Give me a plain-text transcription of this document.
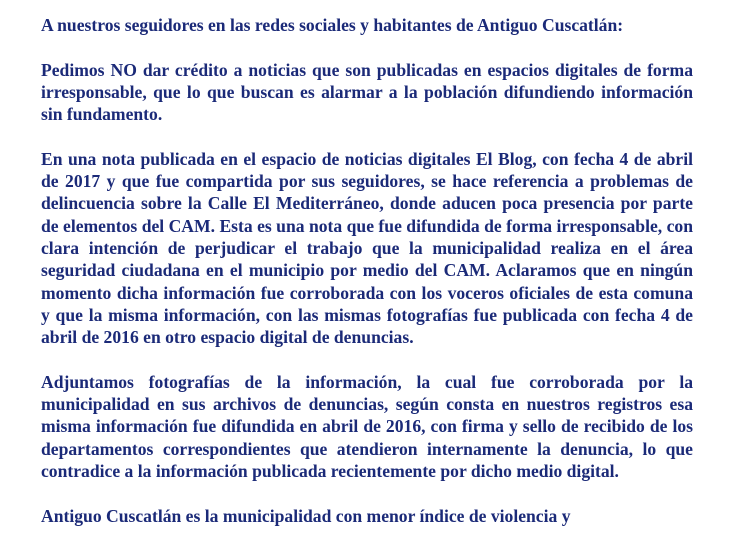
A nuestros seguidores en las redes sociales y habitantes de Antiguo Cuscatlán:

Pedimos NO dar crédito a noticias que son publicadas en espacios digitales de forma irresponsable, que lo que buscan es alarmar a la población difundiendo información sin fundamento.

En una nota publicada en el espacio de noticias digitales El Blog, con fecha 4 de abril de 2017 y que fue compartida por sus seguidores, se hace referencia a problemas de delincuencia sobre la Calle El Mediterráneo, donde aducen poca presencia por parte de elementos del CAM. Esta es una nota que fue difundida de forma irresponsable, con clara intención de perjudicar el trabajo que la municipalidad realiza en el área seguridad ciudadana en el municipio por medio del CAM. Aclaramos que en ningún momento dicha información fue corroborada con los voceros oficiales de esta comuna y que la misma información, con las mismas fotografías fue publicada con fecha 4 de abril de 2016 en otro espacio digital de denuncias.

Adjuntamos fotografías de la información, la cual fue corroborada por la municipalidad en sus archivos de denuncias, según consta en nuestros registros esa misma información fue difundida en abril de 2016, con firma y sello de recibido de los departamentos correspondientes que atendieron internamente la denuncia, lo que contradice a la información publicada recientemente por dicho medio digital.

Antiguo Cuscatlán es la municipalidad con menor índice de violencia y
